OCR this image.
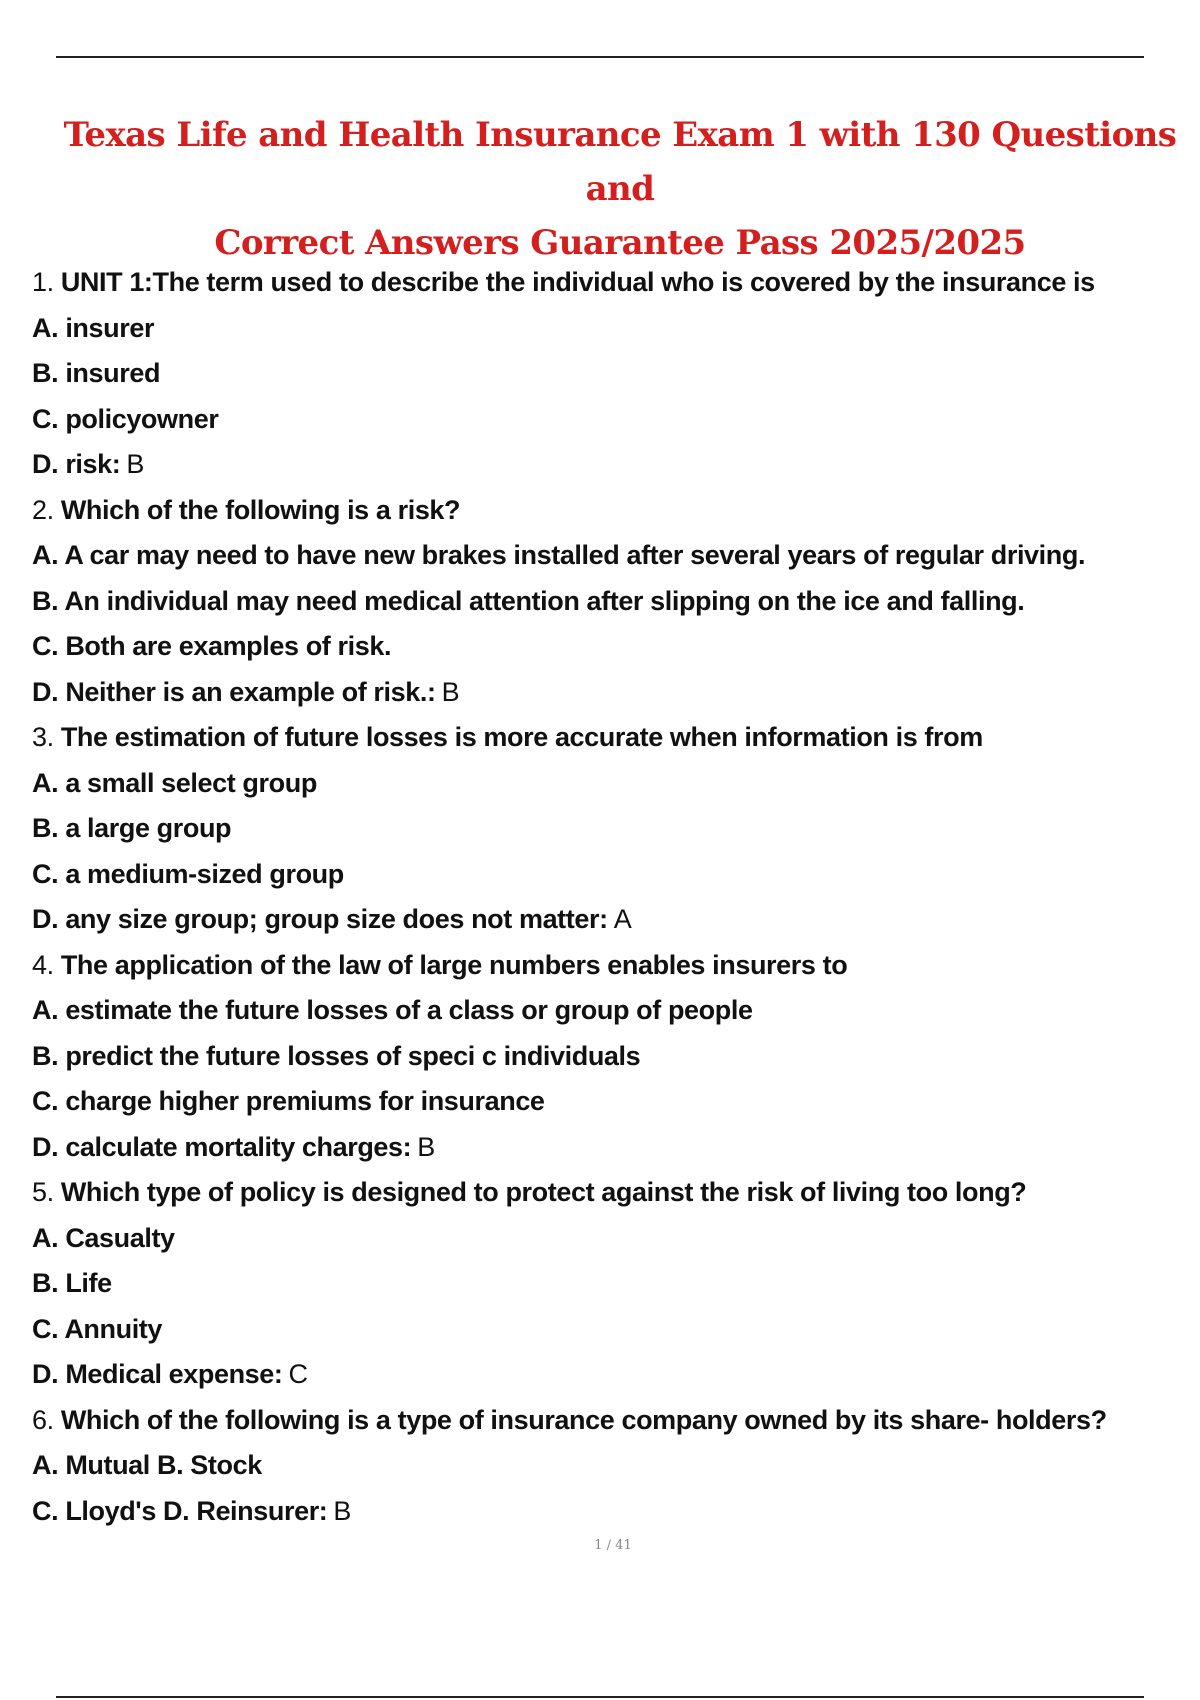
Texas Life and Health Insurance Exam 1 with 130 Questions and
Correct Answers Guarantee Pass 2025/2025
1. UNIT 1:The term used to describe the individual who is covered by the insurance is
A. insurer
B. insured
C. policyowner
D. risk: B
2. Which of the following is a risk?
A. A car may need to have new brakes installed after several years of regular driving.
B. An individual may need medical attention after slipping on the ice and falling.
C. Both are examples of risk.
D. Neither is an example of risk.: B
3. The estimation of future losses is more accurate when information is from
A. a small select group
B. a large group
C. a medium-sized group
D. any size group; group size does not matter: A
4. The application of the law of large numbers enables insurers to
A. estimate the future losses of a class or group of people
B. predict the future losses of speci c individuals
C. charge higher premiums for insurance
D. calculate mortality charges: B
5. Which type of policy is designed to protect against the risk of living too long?
A. Casualty
B. Life
C. Annuity
D. Medical expense: C
6. Which of the following is a type of insurance company owned by its share- holders?
A. Mutual B. Stock
C. Lloyd's D. Reinsurer: B
1 / 41
